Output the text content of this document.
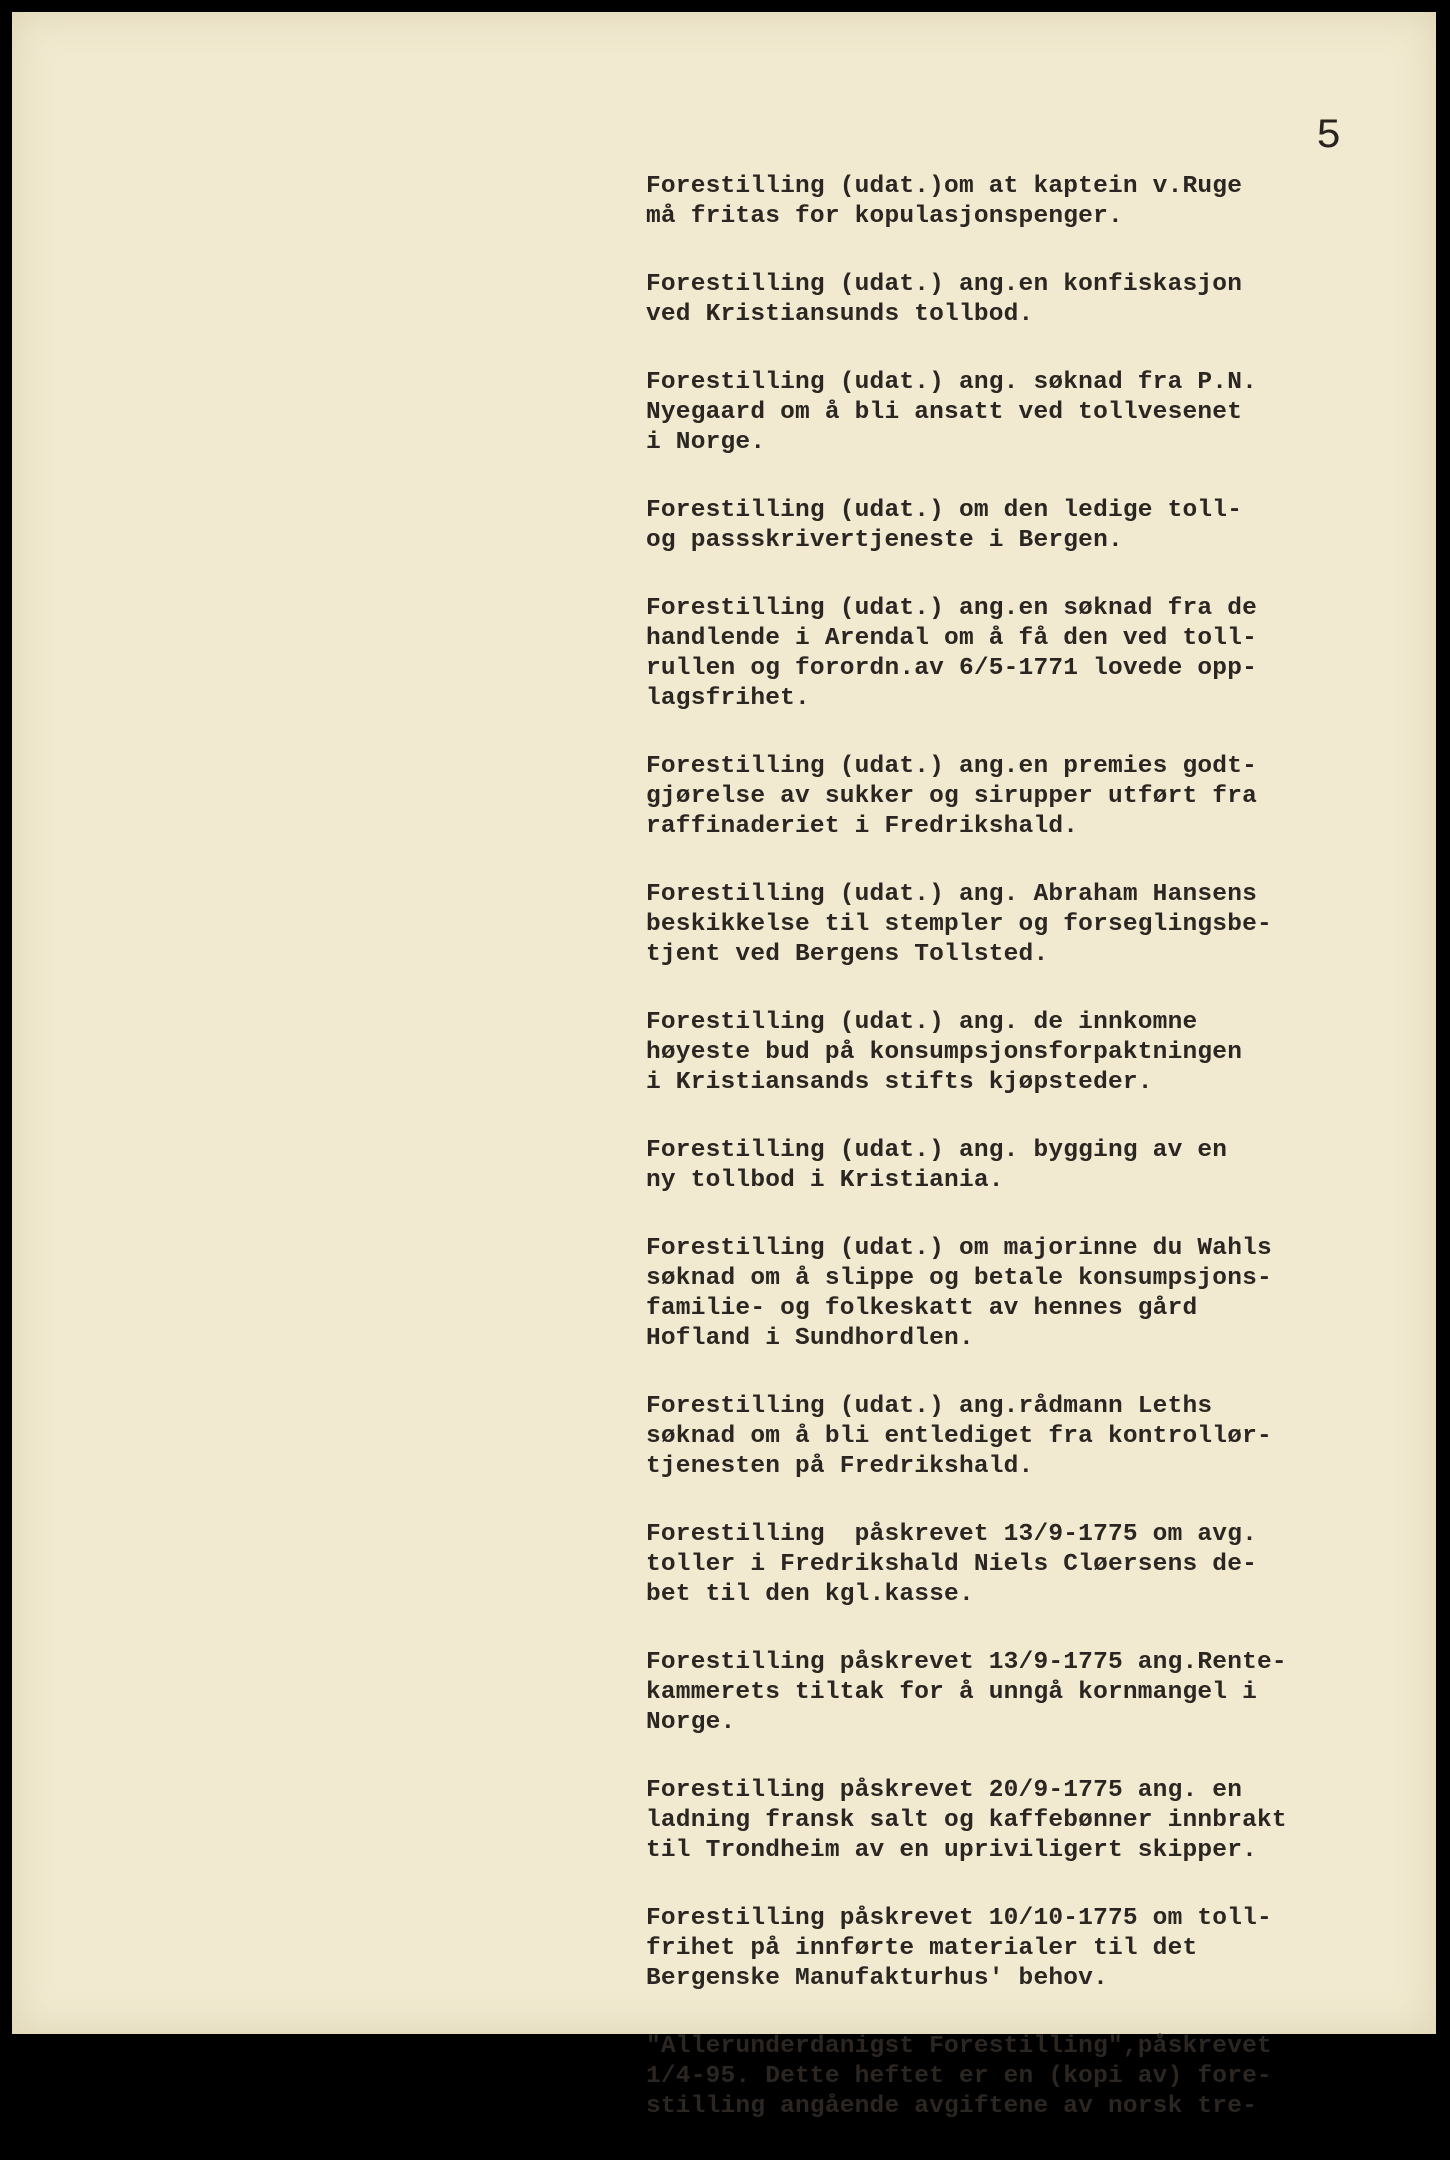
5
Forestilling (udat.)om at kaptein v.Ruge
må fritas for kopulasjonspenger.
Forestilling (udat.) ang.en konfiskasjon
ved Kristiansunds tollbod.
Forestilling (udat.) ang. søknad fra P.N.
Nyegaard om å bli ansatt ved tollvesenet
i Norge.
Forestilling (udat.) om den ledige toll-
og passskrivertjeneste i Bergen.
Forestilling (udat.) ang.en søknad fra de
handlende i Arendal om å få den ved toll-
rullen og forordn.av 6/5-1771 lovede opp-
lagsfrihet.
Forestilling (udat.) ang.en premies godt-
gjørelse av sukker og sirupper utført fra
raffinaderiet i Fredrikshald.
Forestilling (udat.) ang. Abraham Hansens
beskikkelse til stempler og forseglingsbe-
tjent ved Bergens Tollsted.
Forestilling (udat.) ang. de innkomne
høyeste bud på konsumpsjonsforpaktningen
i Kristiansands stifts kjøpsteder.
Forestilling (udat.) ang. bygging av en
ny tollbod i Kristiania.
Forestilling (udat.) om majorinne du Wahls
søknad om å slippe og betale konsumpsjons-
familie- og folkeskatt av hennes gård
Hofland i Sundhordlen.
Forestilling (udat.) ang.rådmann Leths
søknad om å bli entlediget fra kontrollør-
tjenesten på Fredrikshald.
Forestilling  påskrevet 13/9-1775 om avg.
toller i Fredrikshald Niels Cløersens de-
bet til den kgl.kasse.
Forestilling påskrevet 13/9-1775 ang.Rente-
kammerets tiltak for å unngå kornmangel i
Norge.
Forestilling påskrevet 20/9-1775 ang. en
ladning fransk salt og kaffebønner innbrakt
til Trondheim av en upriviligert skipper.
Forestilling påskrevet 10/10-1775 om toll-
frihet på innførte materialer til det
Bergenske Manufakturhus' behov.
"Allerunderdanigst Forestilling",påskrevet
1/4-95. Dette heftet er en (kopi av) fore-
stilling angående avgiftene av norsk tre-
